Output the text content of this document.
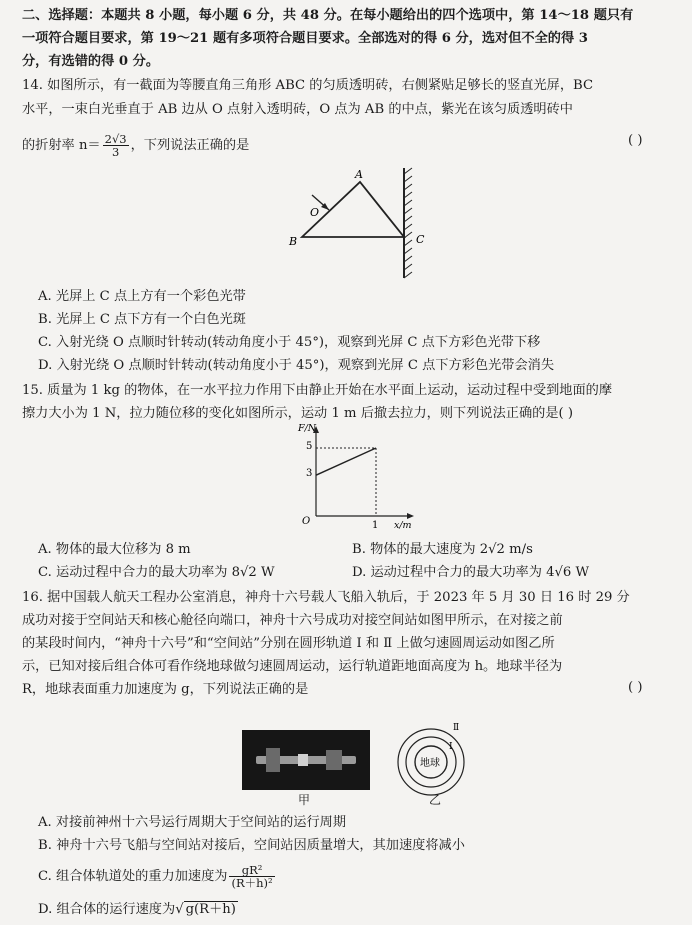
二、选择题：本题共 8 小题，每小题 6 分，共 48 分。在每小题给出的四个选项中，第 14～18 题只有
一项符合题目要求，第 19～21 题有多项符合题目要求。全部选对的得 6 分，选对但不全的得 3
分，有选错的得 0 分。
14. 如图所示，有一截面为等腰直角三角形 ABC 的匀质透明砖，右侧紧贴足够长的竖直光屏，BC
水平，一束白光垂直于 AB 边从 O 点射入透明砖，O 点为 AB 的中点，紫光在该匀质透明砖中
的折射率 $n= \frac{2√3}{3}$ ，下列说法正确的是	( )
A
B	C
O
A. 光屏上 C 点上方有一个彩色光带
B. 光屏上 C 点下方有一个白色光斑
C. 入射光绕 O 点顺时针转动(转动角度小于 45°)，观察到光屏 C 点下方彩色光带下移
D. 入射光绕 O 点顺时针转动(转动角度小于 45°)，观察到光屏 C 点下方彩色光带会消失
15. 质量为 1 kg 的物体，在一水平拉力作用下由静止开始在水平面上运动，运动过程中受到地面的摩
擦力大小为 1 N，拉力随位移的变化如图所示，运动 1 m 后撤去拉力，则下列说法正确的是( )
F/N
x/m
O
5
3
1
A. 物体的最大位移为 8 m	B. 物体的最大速度为 2√2 m/s
C. 运动过程中合力的最大功率为 8√2 W	D. 运动过程中合力的最大功率为 4√6 W
16. 据中国载人航天工程办公室消息，神舟十六号载人飞船入轨后，于 2023 年 5 月 30 日 16 时 29 分
成功对接于空间站天和核心舱径向端口，神舟十六号成功对接空间站如图甲所示，在对接之前
的某段时间内，“神舟十六号”和“空间站”分别在圆形轨道 Ⅰ 和 Ⅱ 上做匀速圆周运动如图乙所
示，已知对接后组合体可看作绕地球做匀速圆周运动，运行轨道距地面高度为 h。地球半径为
R，地球表面重力加速度为 g，下列说法正确的是	( )
甲
地球
Ⅰ
Ⅱ
乙
A. 对接前神州十六号运行周期大于空间站的运行周期
B. 神舟十六号飞船与空间站对接后，空间站因质量增大，其加速度将减小
C. 组合体轨道处的重力加速度为 $\frac{\text{gR²}}{\text{(R＋h)²}}$
D. 组合体的运行速度为√ g(R＋h)
